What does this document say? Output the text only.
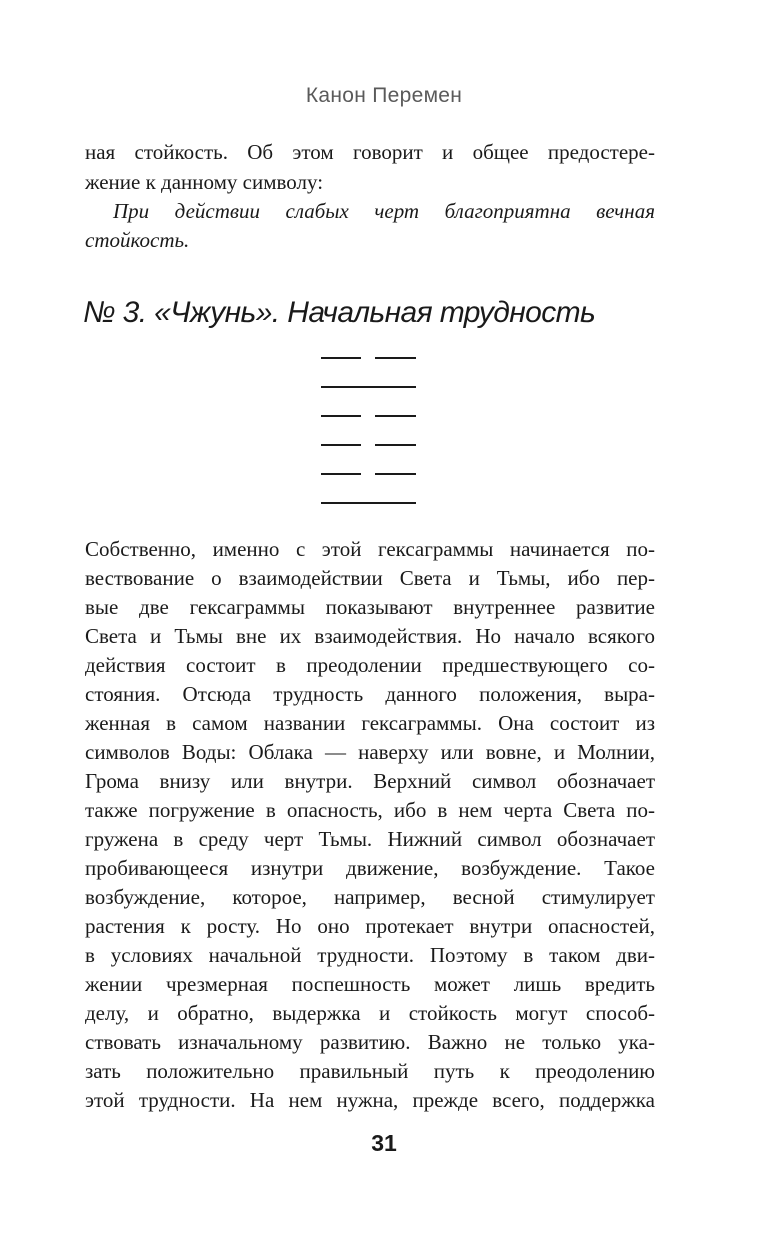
Канон Перемен
ная стойкость. Об этом говорит и общее предостере-
жение к данному символу:
При действии слабых черт благоприятна вечная
стойкость.
№ 3. «Чжунь». Начальная трудность
Собственно, именно с этой гексаграммы начинается по-
вествование о взаимодействии Света и Тьмы, ибо пер-
вые две гексаграммы показывают внутреннее развитие
Света и Тьмы вне их взаимодействия. Но начало всякого
действия состоит в преодолении предшествующего со-
стояния. Отсюда трудность данного положения, выра-
женная в самом названии гексаграммы. Она состоит из
символов Воды: Облака — наверху или вовне, и Молнии,
Грома внизу или внутри. Верхний символ обозначает
также погружение в опасность, ибо в нем черта Света по-
гружена в среду черт Тьмы. Нижний символ обозначает
пробивающееся изнутри движение, возбуждение. Такое
возбуждение, которое, например, весной стимулирует
растения к росту. Но оно протекает внутри опасностей,
в условиях начальной трудности. Поэтому в таком дви-
жении чрезмерная поспешность может лишь вредить
делу, и обратно, выдержка и стойкость могут способ-
ствовать изначальному развитию. Важно не только ука-
зать положительно правильный путь к преодолению
этой трудности. На нем нужна, прежде всего, поддержка
31
